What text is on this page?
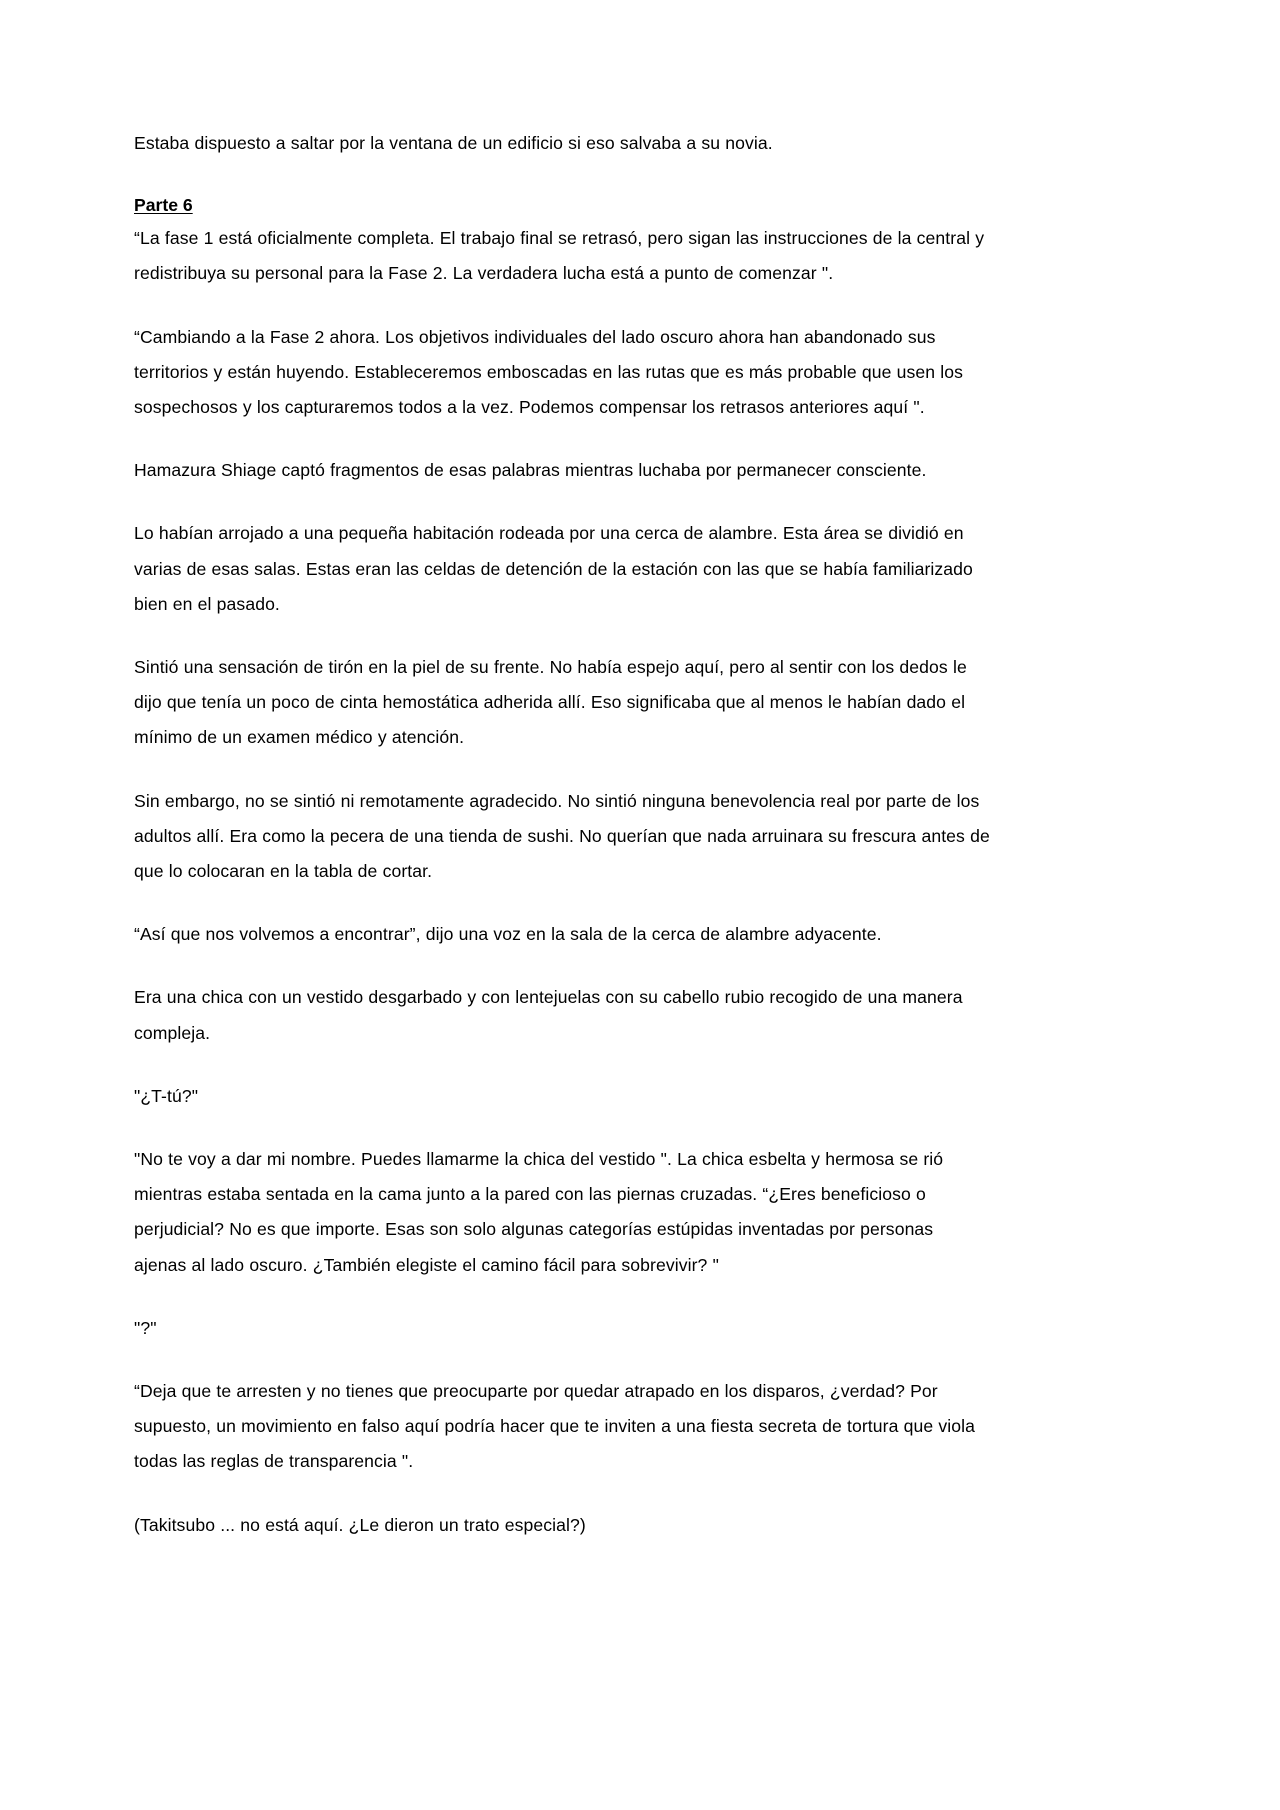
Estaba dispuesto a saltar por la ventana de un edificio si eso salvaba a su novia.

Parte 6

“La fase 1 está oficialmente completa. El trabajo final se retrasó, pero sigan las instrucciones de la central y redistribuya su personal para la Fase 2. La verdadera lucha está a punto de comenzar ".

“Cambiando a la Fase 2 ahora. Los objetivos individuales del lado oscuro ahora han abandonado sus territorios y están huyendo. Estableceremos emboscadas en las rutas que es más probable que usen los sospechosos y los capturaremos todos a la vez. Podemos compensar los retrasos anteriores aquí ".

Hamazura Shiage captó fragmentos de esas palabras mientras luchaba por permanecer consciente.

Lo habían arrojado a una pequeña habitación rodeada por una cerca de alambre. Esta área se dividió en varias de esas salas. Estas eran las celdas de detención de la estación con las que se había familiarizado bien en el pasado.

Sintió una sensación de tirón en la piel de su frente. No había espejo aquí, pero al sentir con los dedos le dijo que tenía un poco de cinta hemostática adherida allí. Eso significaba que al menos le habían dado el mínimo de un examen médico y atención.

Sin embargo, no se sintió ni remotamente agradecido. No sintió ninguna benevolencia real por parte de los adultos allí. Era como la pecera de una tienda de sushi. No querían que nada arruinara su frescura antes de que lo colocaran en la tabla de cortar.

“Así que nos volvemos a encontrar”, dijo una voz en la sala de la cerca de alambre adyacente.

Era una chica con un vestido desgarbado y con lentejuelas con su cabello rubio recogido de una manera compleja.

"¿T-tú?"

"No te voy a dar mi nombre. Puedes llamarme la chica del vestido ". La chica esbelta y hermosa se rió mientras estaba sentada en la cama junto a la pared con las piernas cruzadas. “¿Eres beneficioso o perjudicial? No es que importe. Esas son solo algunas categorías estúpidas inventadas por personas ajenas al lado oscuro. ¿También elegiste el camino fácil para sobrevivir? "

"?"

“Deja que te arresten y no tienes que preocuparte por quedar atrapado en los disparos, ¿verdad? Por supuesto, un movimiento en falso aquí podría hacer que te inviten a una fiesta secreta de tortura que viola todas las reglas de transparencia ".

(Takitsubo ... no está aquí. ¿Le dieron un trato especial?)
